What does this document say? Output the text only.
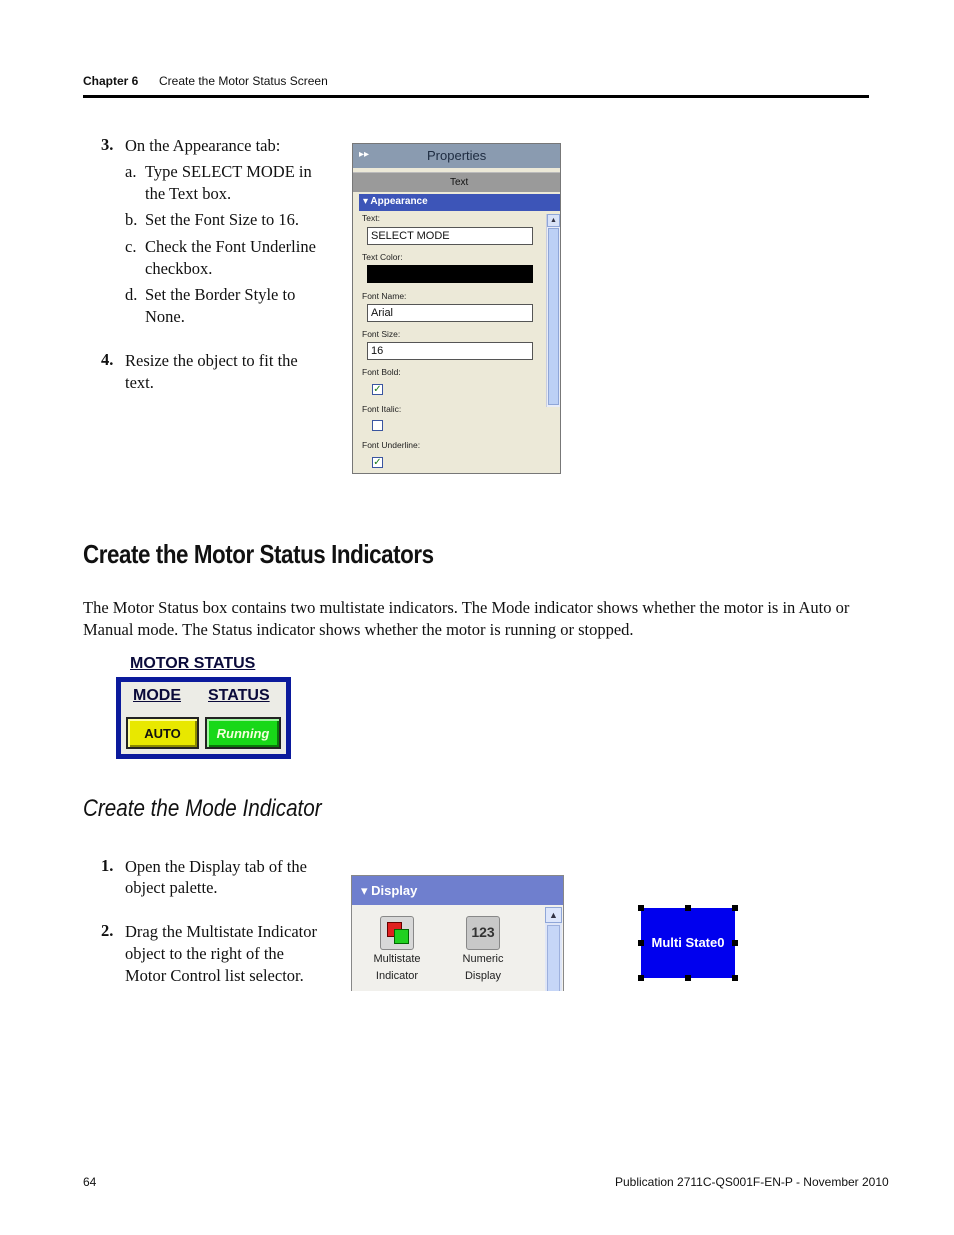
Chapter 6 Create the Motor Status Screen
3. On the Appearance tab:
a. Type SELECT MODE in
the Text box.
b. Set the Font Size to 16.
c. Check the Font Underline
checkbox.
d. Set the Border Style to
None.
4. Resize the object to fit the
text.
▸▸	Properties
Text
▾ Appearance
Text:
SELECT MODE
Text Color:
Font Name:
Arial
Font Size:
16
Font Bold:
✓
Font Italic:
Font Underline:
✓
▲
Create the Motor Status Indicators
The Motor Status box contains two multistate indicators. The Mode indicator shows whether the motor is in Auto or Manual mode. The Status indicator shows whether the motor is running or stopped.
MOTOR STATUS
MODE STATUS
AUTO	Running
Create the Mode Indicator
1. Open the Display tab of the
object palette.
2. Drag the Multistate Indicator
object to the right of the
Motor Control list selector.
▾ Display
Multistate
Indicator
123
Numeric
Display
▲
Multi State0
64	Publication 2711C-QS001F-EN-P - November 2010
